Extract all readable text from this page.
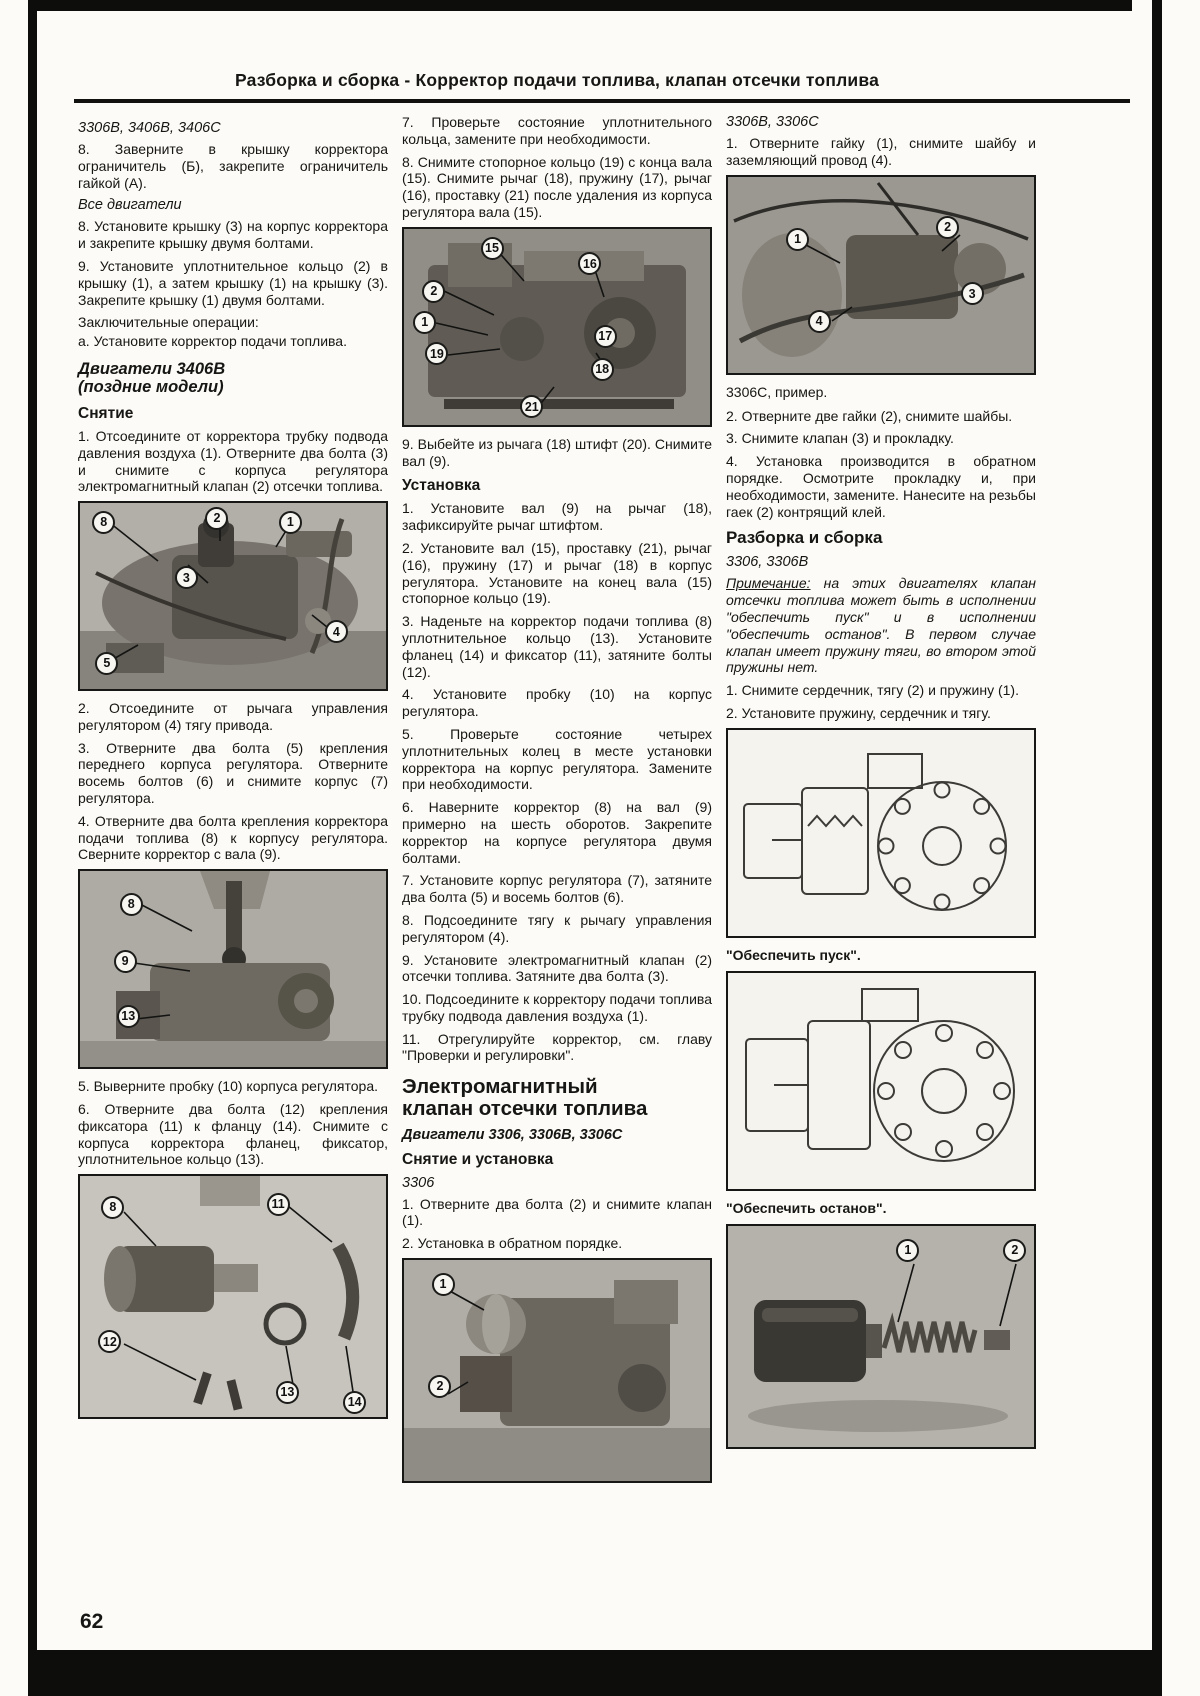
Разборка и сборка - Корректор подачи топлива, клапан отсечки топлива
3306В, 3406В, 3406С

8. Заверните в крышку корректора ограничитель (Б), закрепите ограничитель гайкой (А).

Все двигатели

8. Установите крышку (3) на корпус корректора и закрепите крышку двумя болтами.

9. Установите уплотнительное кольцо (2) в крышку (1), а затем крышку (1) на крышку (3). Закрепите крышку (1) двумя болтами.

Заключительные операции:

а. Установите корректор подачи топлива.

Двигатели 3406В
(поздние модели)
Снятие

1. Отсоедините от корректора трубку подвода давления воздуха (1). Отверните два болта (3) и снимите с корпуса регулятора электромагнитный клапан (2) отсечки топлива.

8	2	1
3
4
5

2. Отсоедините от рычага управления регулятором (4) тягу привода.

3. Отверните два болта (5) крепления переднего корпуса регулятора. Отверните восемь болтов (6) и снимите корпус (7) регулятора.

4. Отверните два болта крепления корректора подачи топлива (8) к корпусу регулятора. Сверните корректор с вала (9).

8
9
13

5. Выверните пробку (10) корпуса регулятора.

6. Отверните два болта (12) крепления фиксатора (11) к фланцу (14). Снимите с корпуса корректора фланец, фиксатор, уплотнительное кольцо (13).

8	11
12
13
14

7. Проверьте состояние уплотнительного кольца, замените при необходимости.

8. Снимите стопорное кольцо (19) с конца вала (15). Снимите рычаг (18), пружину (17), рычаг (16), проставку (21) после удаления из корпуса регулятора вала (15).

15
16
2
1
19
17
18
21

9. Выбейте из рычага (18) штифт (20). Снимите вал (9).

Установка

1. Установите вал (9) на рычаг (18), зафиксируйте рычаг штифтом.

2. Установите вал (15), проставку (21), рычаг (16), пружину (17) и рычаг (18) в корпус регулятора. Установите на конец вала (15) стопорное кольцо (19).

3. Наденьте на корректор подачи топлива (8) уплотнительное кольцо (13). Установите фланец (14) и фиксатор (11), затяните болты (12).

4. Установите пробку (10) на корпус регулятора.

5. Проверьте состояние четырех уплотнительных колец в месте установки корректора на корпус регулятора. Замените при необходимости.

6. Наверните корректор (8) на вал (9) примерно на шесть оборотов. Закрепите корректор на корпусе регулятора двумя болтами.

7. Установите корпус регулятора (7), затяните два болта (5) и восемь болтов (6).

8. Подсоедините тягу к рычагу управления регулятором (4).

9. Установите электромагнитный клапан (2) отсечки топлива. Затяните два болта (3).

10. Подсоедините к корректору подачи топлива трубку подвода давления воздуха (1).

11. Отрегулируйте корректор, см. главу "Проверки и регулировки".

Электромагнитный
клапан отсечки топлива
Двигатели 3306, 3306В, 3306С
Снятие и установка
3306

1. Отверните два болта (2) и снимите клапан (1).

2. Установка в обратном порядке.

1
2
3306В, 3306С

1. Отверните гайку (1), снимите шайбу и заземляющий провод (4).

1
2
3
4
3306С, пример.

2. Отверните две гайки (2), снимите шайбы.

3. Снимите клапан (3) и прокладку.

4. Установка производится в обратном порядке. Осмотрите прокладку и, при необходимости, замените. Нанесите на резьбы гаек (2) контрящий клей.

Разборка и сборка
3306, 3306В

Примечание: на этих двигателях клапан отсечки топлива может быть в исполнении "обеспечить пуск" и в исполнении "обеспечить останов". В первом случае клапан имеет пружину тяги, во втором этой пружины нет.

1. Снимите сердечник, тягу (2) и пружину (1).

2. Установите пружину, сердечник и тягу.

"Обеспечить пуск".
"Обеспечить останов".
1	2
62
